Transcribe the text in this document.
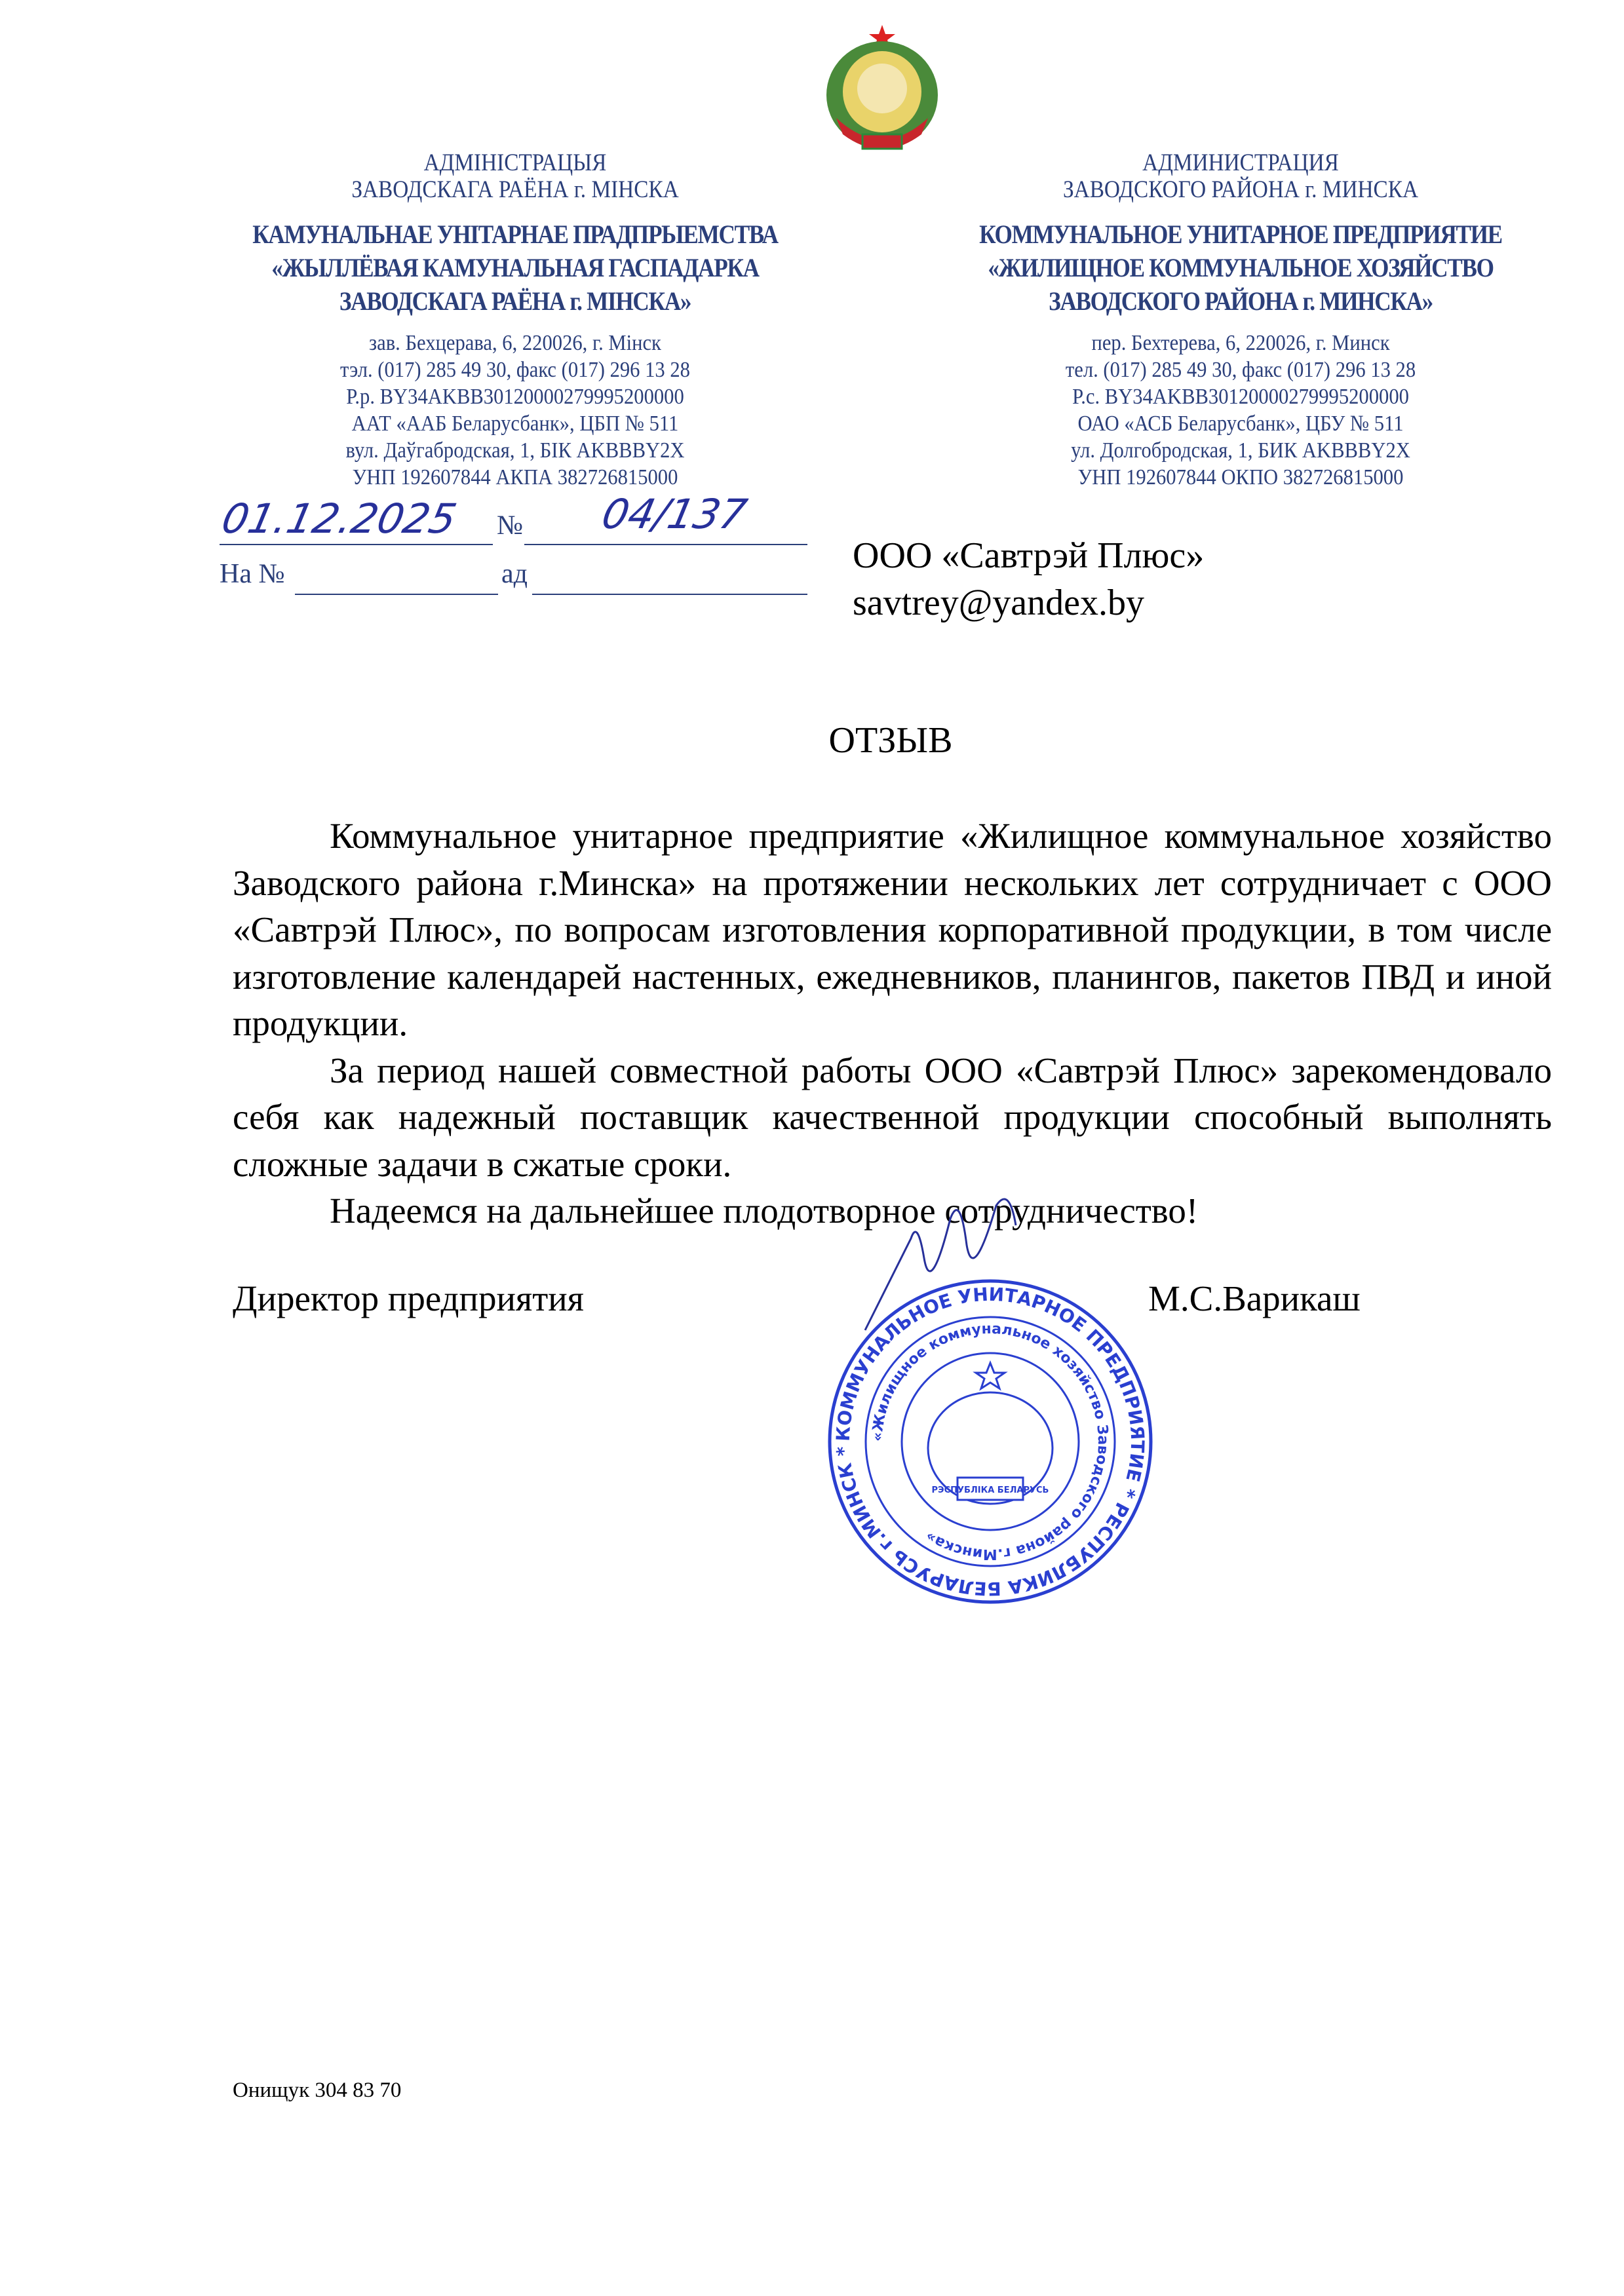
АДМІНІСТРАЦЫЯ
ЗАВОДСКАГА РАЁНА г. МІНСКА
КАМУНАЛЬНАЕ УНІТАРНАЕ ПРАДПРЫЕМСТВА
«ЖЫЛЛЁВАЯ КАМУНАЛЬНАЯ ГАСПАДАРКА
ЗАВОДСКАГА РАЁНА г. МІНСКА»
зав. Бехцерава, 6, 220026, г. Мінск
тэл. (017) 285 49 30, факс (017) 296 13 28
Р.р. BY34AKBB30120000279995200000
ААТ «ААБ Беларусбанк», ЦБП № 511
вул. Даўгабродская, 1, БІК AKBBBY2X
УНП 192607844 АКПА 382726815000
АДМИНИСТРАЦИЯ
ЗАВОДСКОГО РАЙОНА г. МИНСКА
КОММУНАЛЬНОЕ УНИТАРНОЕ ПРЕДПРИЯТИЕ
«ЖИЛИЩНОЕ КОММУНАЛЬНОЕ ХОЗЯЙСТВО
ЗАВОДСКОГО РАЙОНА г. МИНСКА»
пер. Бехтерева, 6, 220026, г. Минск
тел. (017) 285 49 30, факс (017) 296 13 28
Р.с. BY34AKBB30120000279995200000
ОАО «АСБ Беларусбанк», ЦБУ № 511
ул. Долгобродская, 1, БИК AKBBBY2X
УНП 192607844 ОКПО 382726815000
01.12.2025 № 04/137
На №	ад	ООО «Савтрэй Плюс»
savtrey@yandex.by
ОТЗЫВ

Коммунальное унитарное предприятие «Жилищное коммунальное хозяйство Заводского района г.Минска» на протяжении нескольких лет сотрудничает с ООО «Савтрэй Плюс», по вопросам изготовления корпоративной продукции, в том числе изготовление календарей настенных, ежедневников, планингов, пакетов ПВД и иной продукции.

За период нашей совместной работы ООО «Савтрэй Плюс» зарекомендовало себя как надежный поставщик качественной продукции способный выполнять сложные задачи в сжатые сроки.

Надеемся на дальнейшее плодотворное сотрудничество!

Директор предприятия	М.С.Варикаш
КОММУНАЛЬНОЕ УНИТАРНОЕ ПРЕДПРИЯТИЕ * РЕСПУБЛИКА БЕЛАРУСЬ г.МИНСК *
«Жилищное коммунальное хозяйство Заводского района г.Минска»
РЭСПУБЛІКА БЕЛАРУСЬ
Онищук 304 83 70
